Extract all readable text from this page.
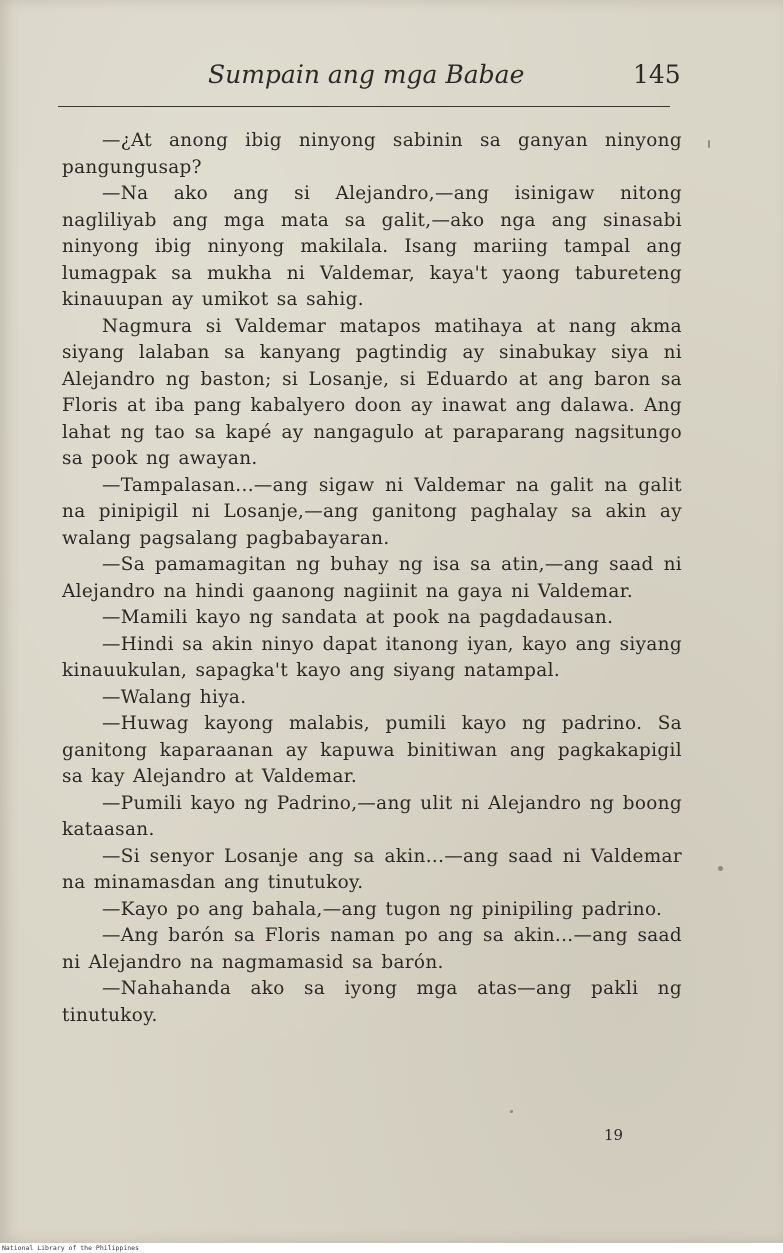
Sumpain ang mga Babae	145

—¿At anong ibig ninyong sabinin sa ganyan ninyong pangungusap?

—Na ako ang si Alejandro,—ang isinigaw nitong nagliliyab ang mga mata sa galit,—ako nga ang sinasabi ninyong ibig ninyong makilala. Isang mariing tampal ang lumagpak sa mukha ni Valdemar, kaya't yaong tabureteng kinauupan ay umikot sa sahig.

Nagmura si Valdemar matapos matihaya at nang akma siyang lalaban sa kanyang pagtindig ay sinabukay siya ni Alejandro ng baston; si Losanje, si Eduardo at ang baron sa Floris at iba pang kabalyero doon ay inawat ang dalawa. Ang lahat ng tao sa kapé ay nangagulo at paraparang nagsitungo sa pook ng awayan.

—Tampalasan...—ang sigaw ni Valdemar na galit na galit na pinipigil ni Losanje,—ang ganitong paghalay sa akin ay walang pagsalang pagbabayaran.

—Sa pamamagitan ng buhay ng isa sa atin,—ang saad ni Alejandro na hindi gaanong nagiinit na gaya ni Valdemar.

—Mamili kayo ng sandata at pook na pagdadausan.

—Hindi sa akin ninyo dapat itanong iyan, kayo ang siyang kinauukulan, sapagka't kayo ang siyang natampal.

—Walang hiya.

—Huwag kayong malabis, pumili kayo ng padrino. Sa ganitong kaparaanan ay kapuwa binitiwan ang pagkakapigil sa kay Alejandro at Valdemar.

—Pumili kayo ng Padrino,—ang ulit ni Alejandro ng boong kataasan.

—Si senyor Losanje ang sa akin...—ang saad ni Valdemar na minamasdan ang tinutukoy.

—Kayo po ang bahala,—ang tugon ng pinipiling padrino.

—Ang barón sa Floris naman po ang sa akin...—ang saad ni Alejandro na nagmamasid sa barón.

—Nahahanda ako sa iyong mga atas—ang pakli ng tinutukoy.

19
National Library of the Philippines
